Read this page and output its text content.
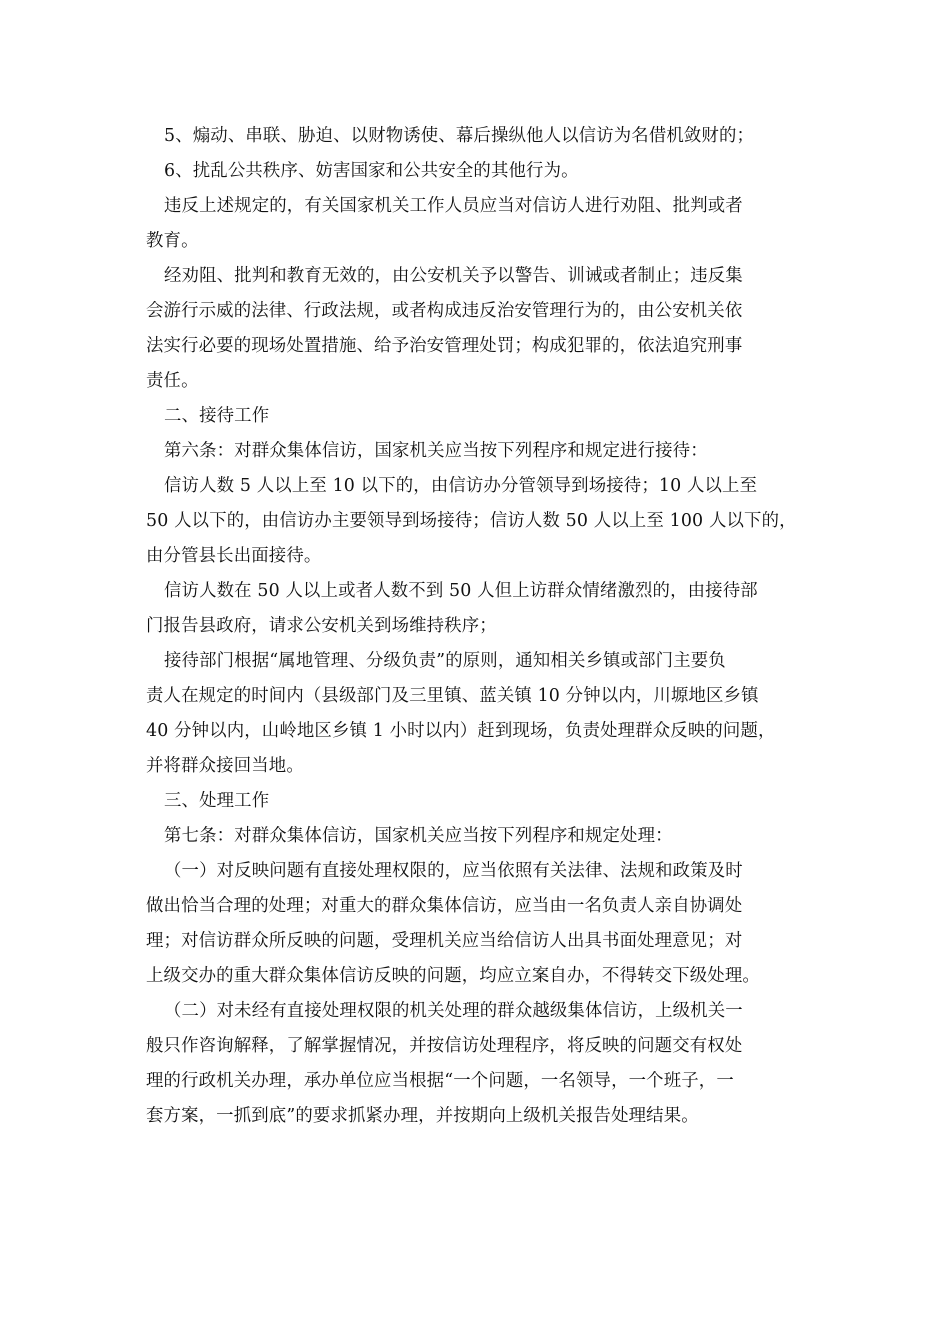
5、煽动、串联、胁迫、以财物诱使、幕后操纵他人以信访为名借机敛财的；
6、扰乱公共秩序、妨害国家和公共安全的其他行为。
违反上述规定的，有关国家机关工作人员应当对信访人进行劝阻、批判或者
教育。
经劝阻、批判和教育无效的，由公安机关予以警告、训诫或者制止；违反集
会游行示威的法律、行政法规，或者构成违反治安管理行为的，由公安机关依
法实行必要的现场处置措施、给予治安管理处罚；构成犯罪的，依法追究刑事
责任。
二、接待工作
第六条：对群众集体信访，国家机关应当按下列程序和规定进行接待：
信访人数 5 人以上至 10 以下的，由信访办分管领导到场接待；10 人以上至
50 人以下的，由信访办主要领导到场接待；信访人数 50 人以上至 100 人以下的，
由分管县长出面接待。
信访人数在 50 人以上或者人数不到 50 人但上访群众情绪激烈的，由接待部
门报告县政府，请求公安机关到场维持秩序；
接待部门根据“属地管理、分级负责”的原则，通知相关乡镇或部门主要负
责人在规定的时间内（县级部门及三里镇、蓝关镇 10 分钟以内，川塬地区乡镇
40 分钟以内，山岭地区乡镇 1 小时以内）赶到现场，负责处理群众反映的问题，
并将群众接回当地。
三、处理工作
第七条：对群众集体信访，国家机关应当按下列程序和规定处理：
（一）对反映问题有直接处理权限的，应当依照有关法律、法规和政策及时
做出恰当合理的处理；对重大的群众集体信访，应当由一名负责人亲自协调处
理；对信访群众所反映的问题，受理机关应当给信访人出具书面处理意见；对
上级交办的重大群众集体信访反映的问题，均应立案自办，不得转交下级处理。
（二）对未经有直接处理权限的机关处理的群众越级集体信访，上级机关一
般只作咨询解释，了解掌握情况，并按信访处理程序，将反映的问题交有权处
理的行政机关办理，承办单位应当根据“一个问题，一名领导，一个班子，一
套方案，一抓到底”的要求抓紧办理，并按期向上级机关报告处理结果。
